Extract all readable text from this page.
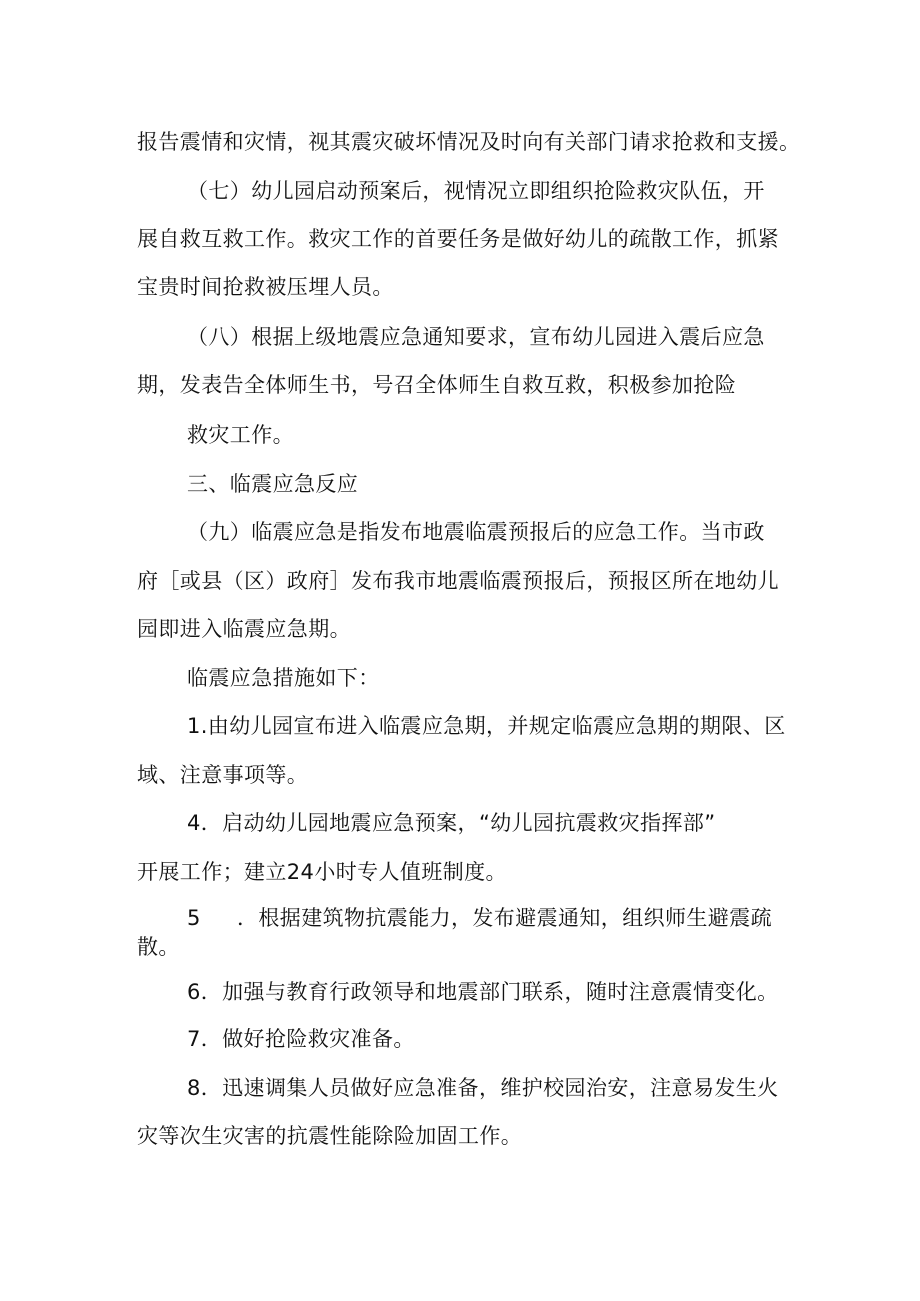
报告震情和灾情，视其震灾破坏情况及时向有关部门请求抢救和支援。
（七）幼儿园启动预案后，视情况立即组织抢险救灾队伍，开
展自救互救工作。救灾工作的首要任务是做好幼儿的疏散工作，抓紧
宝贵时间抢救被压埋人员。
（八）根据上级地震应急通知要求，宣布幼儿园进入震后应急
期，发表告全体师生书，号召全体师生自救互救，积极参加抢险
救灾工作。
三、临震应急反应
（九）临震应急是指发布地震临震预报后的应急工作。当市政
府［或县（区）政府］发布我市地震临震预报后，预报区所在地幼儿
园即进入临震应急期。
临震应急措施如下：
1.由幼儿园宣布进入临震应急期，并规定临震应急期的期限、区
域、注意事项等。
4．启动幼儿园地震应急预案，“幼儿园抗震救灾指挥部”
开展工作；建立24小时专人值班制度。
5 ．根据建筑物抗震能力，发布避震通知，组织师生避震疏
散。
6．加强与教育行政领导和地震部门联系，随时注意震情变化。
7．做好抢险救灾准备。
8．迅速调集人员做好应急准备，维护校园治安，注意易发生火
灾等次生灾害的抗震性能除险加固工作。
